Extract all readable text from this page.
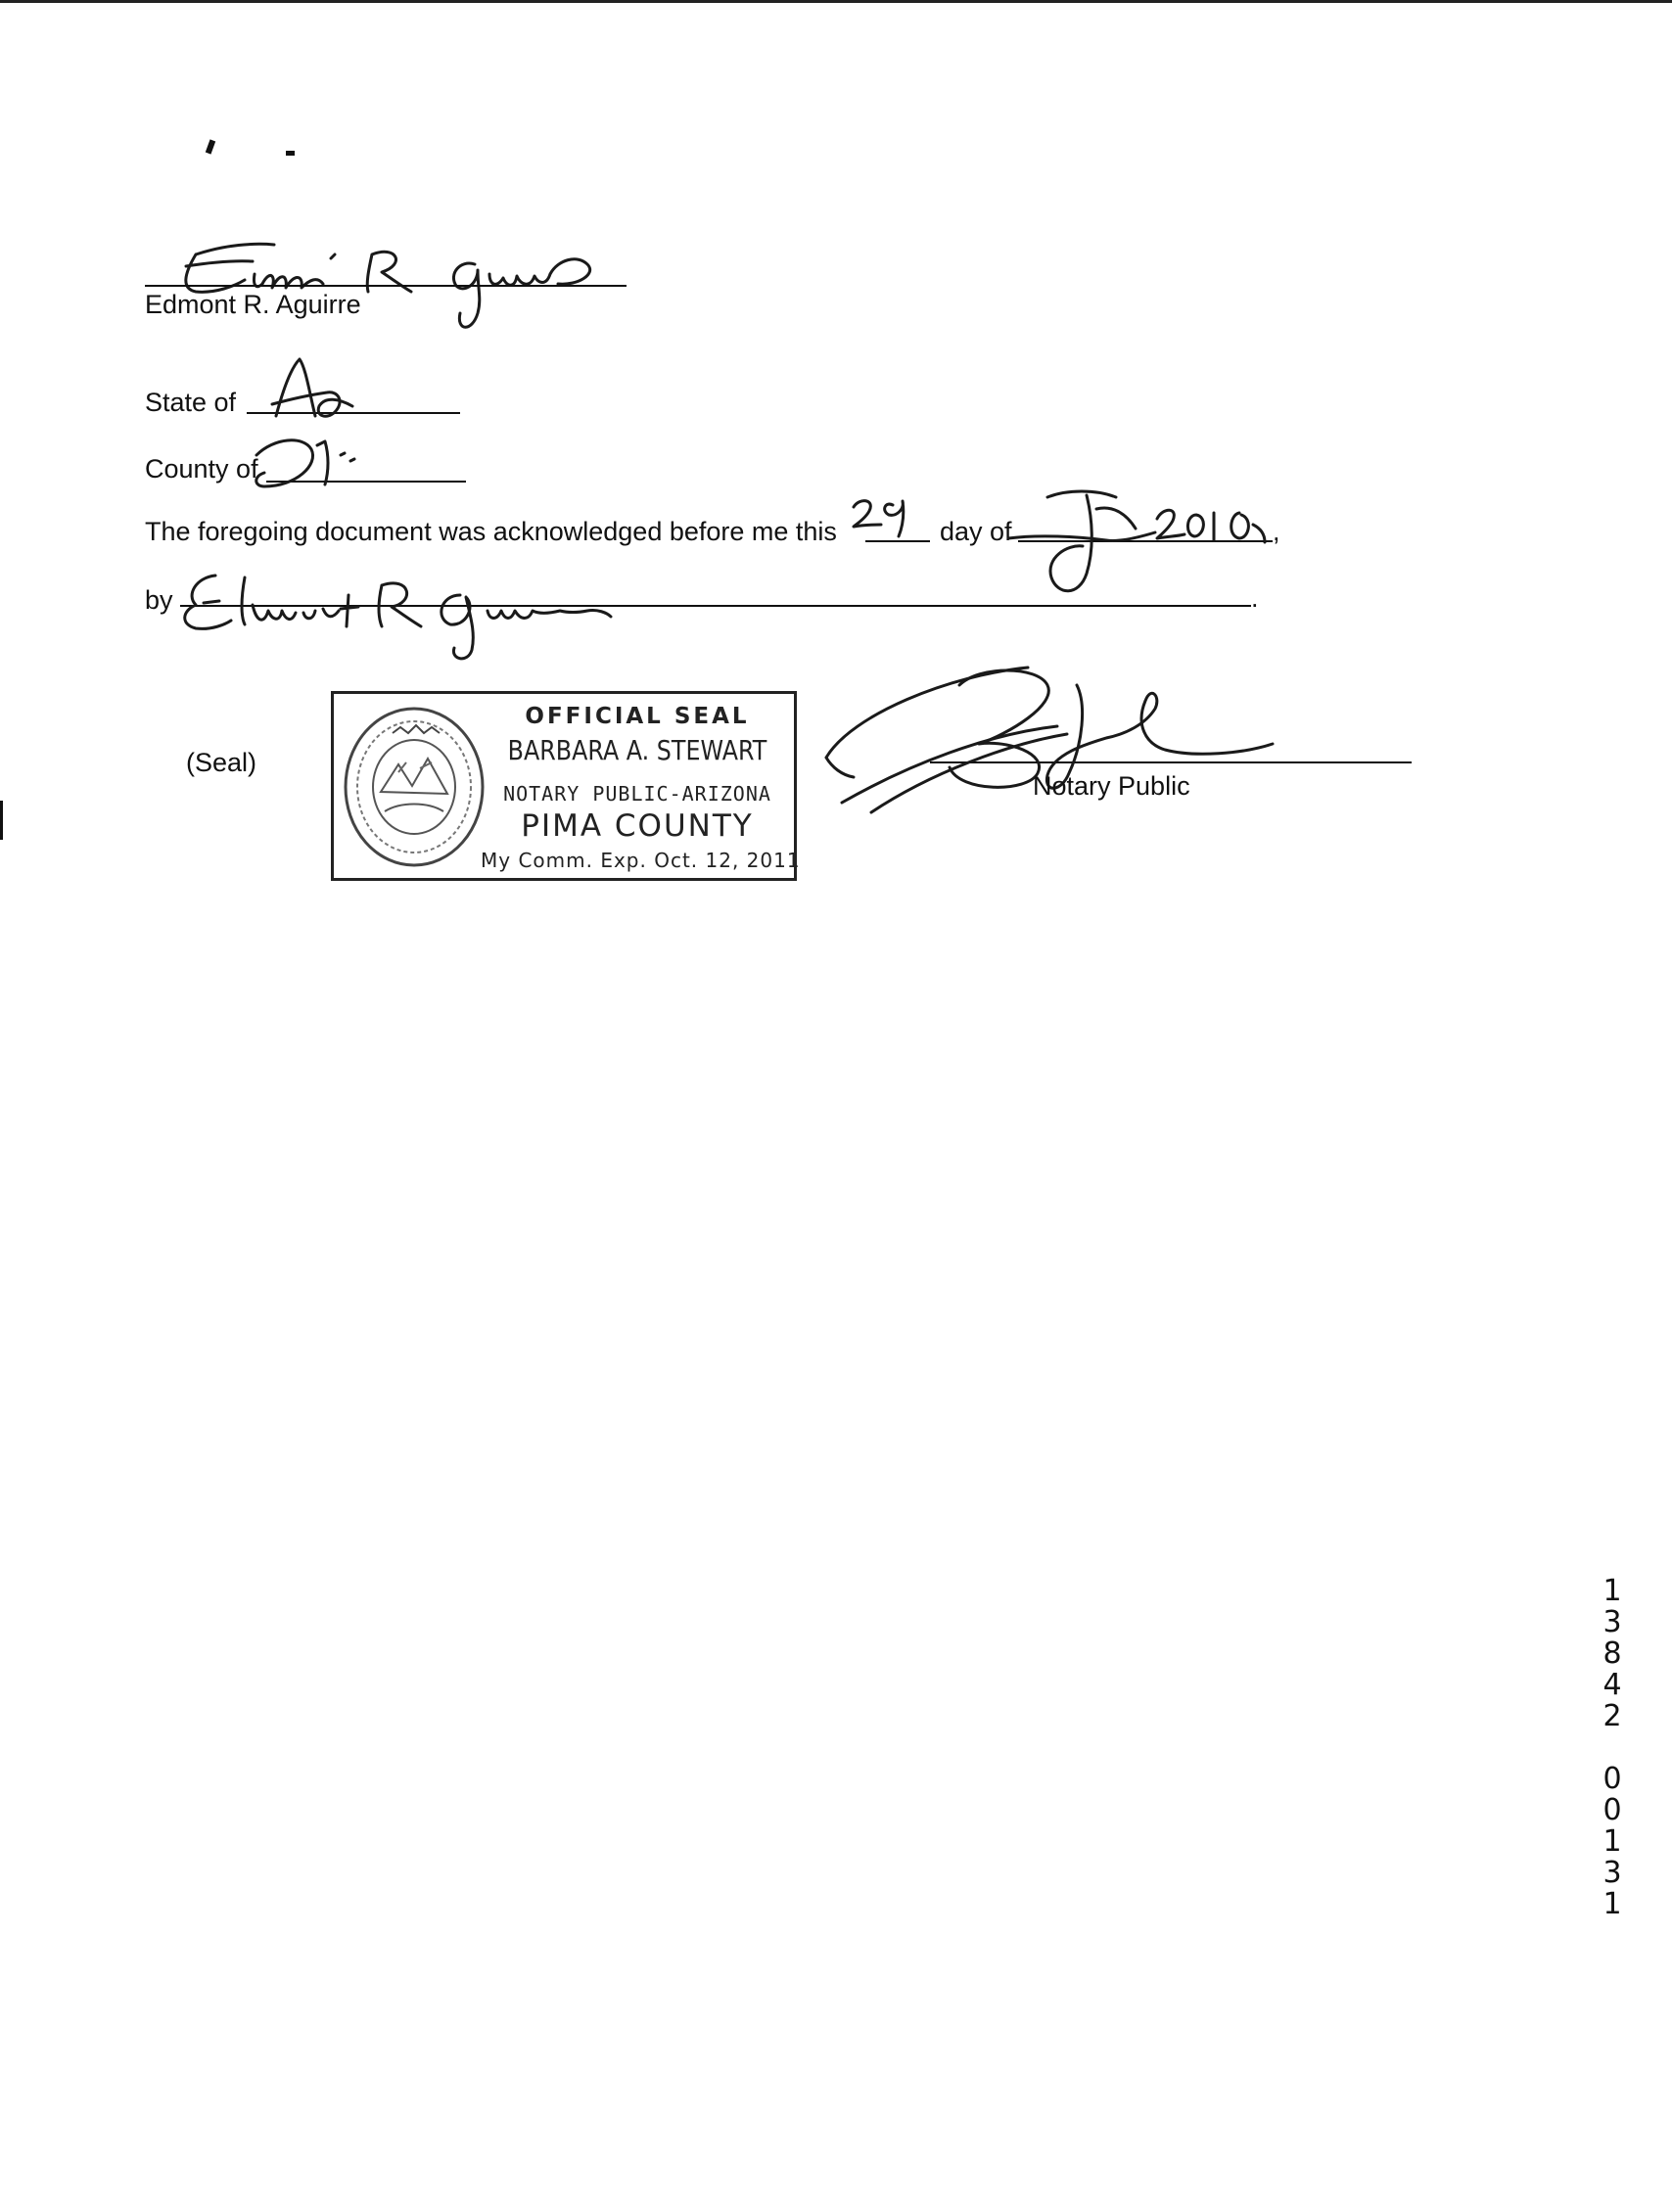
Edmont R. Aguirre
State of
County of
The foregoing document was acknowledged before me this	day of	,
by	.
(Seal)
OFFICIAL SEAL
BARBARA A. STEWART
NOTARY PUBLIC-ARIZONA
PIMA COUNTY
My Comm. Exp. Oct. 12, 2011
Notary Public
1
3
8
4
2

0
0
1
3
1
